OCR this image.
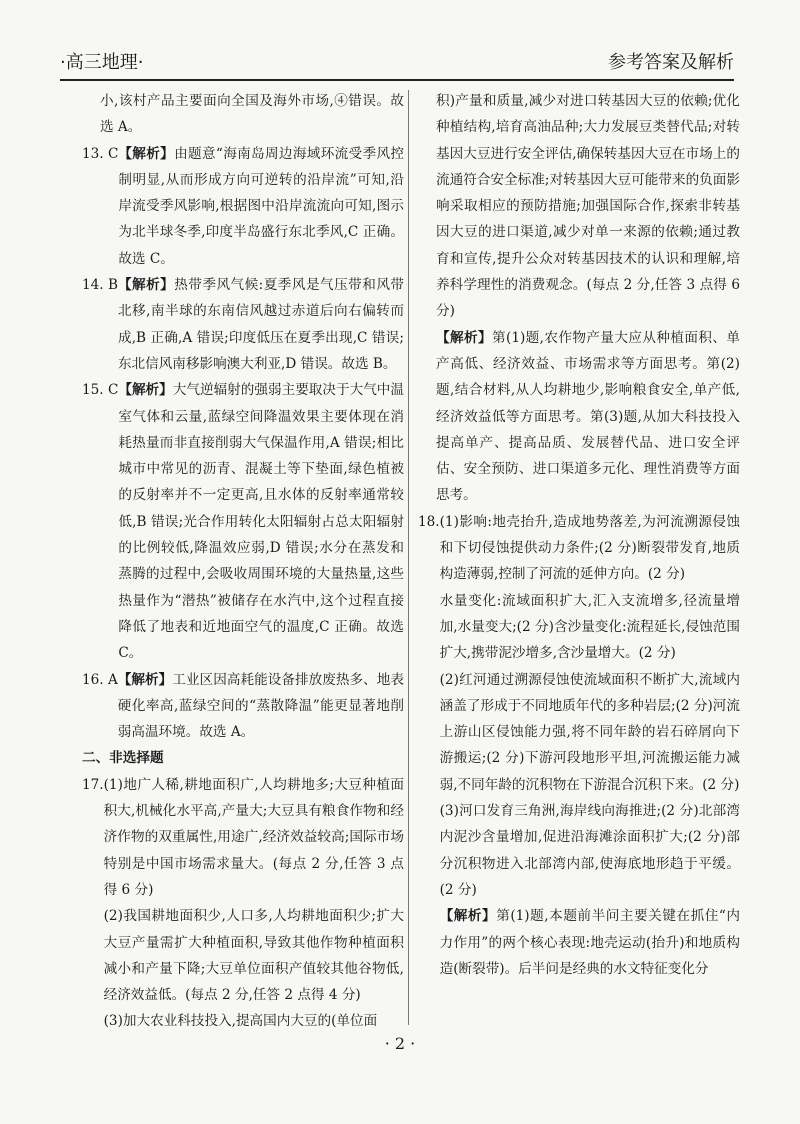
·高三地理·	参考答案及解析

小,该村产品主要面向全国及海外市场,④错误。故选 A。

13. C 【解析】由题意“海南岛周边海域环流受季风控制明显,从而形成方向可逆转的沿岸流”可知,沿岸流受季风影响,根据图中沿岸流流向可知,图示为北半球冬季,印度半岛盛行东北季风,C 正确。故选 C。
14. B 【解析】热带季风气候:夏季风是气压带和风带北移,南半球的东南信风越过赤道后向右偏转而成,B 正确,A 错误;印度低压在夏季出现,C 错误;东北信风南移影响澳大利亚,D 错误。故选 B。
15. C 【解析】大气逆辐射的强弱主要取决于大气中温室气体和云量,蓝绿空间降温效果主要体现在消耗热量而非直接削弱大气保温作用,A 错误;相比城市中常见的沥青、混凝土等下垫面,绿色植被的反射率并不一定更高,且水体的反射率通常较低,B 错误;光合作用转化太阳辐射占总太阳辐射的比例较低,降温效应弱,D 错误;水分在蒸发和蒸腾的过程中,会吸收周围环境的大量热量,这些热量作为“潜热”被储存在水汽中,这个过程直接降低了地表和近地面空气的温度,C 正确。故选 C。
16. A 【解析】工业区因高耗能设备排放废热多、地表硬化率高,蓝绿空间的“蒸散降温”能更显著地削弱高温环境。故选 A。

二、非选择题

17. (1)地广人稀,耕地面积广,人均耕地多;大豆种植面积大,机械化水平高,产量大;大豆具有粮食作物和经济作物的双重属性,用途广,经济效益较高;国际市场特别是中国市场需求量大。(每点 2 分,任答 3 点得 6 分)

(2)我国耕地面积少,人口多,人均耕地面积少;扩大大豆产量需扩大种植面积,导致其他作物种植面积减小和产量下降;大豆单位面积产值较其他谷物低,经济效益低。(每点 2 分,任答 2 点得 4 分)

(3)加大农业科技投入,提高国内大豆的(单位面

积)产量和质量,减少对进口转基因大豆的依赖;优化种植结构,培育高油品种;大力发展豆类替代品;对转基因大豆进行安全评估,确保转基因大豆在市场上的流通符合安全标准;对转基因大豆可能带来的负面影响采取相应的预防措施;加强国际合作,探索非转基因大豆的进口渠道,减少对单一来源的依赖;通过教育和宣传,提升公众对转基因技术的认识和理解,培养科学理性的消费观念。(每点 2 分,任答 3 点得 6 分)

【解析】第(1)题,农作物产量大应从种植面积、单产高低、经济效益、市场需求等方面思考。第(2)题,结合材料,从人均耕地少,影响粮食安全,单产低,经济效益低等方面思考。第(3)题,从加大科技投入提高单产、提高品质、发展替代品、进口安全评估、安全预防、进口渠道多元化、理性消费等方面思考。

18. (1)影响:地壳抬升,造成地势落差,为河流溯源侵蚀和下切侵蚀提供动力条件;(2 分)断裂带发育,地质构造薄弱,控制了河流的延伸方向。(2 分)

水量变化:流域面积扩大,汇入支流增多,径流量增加,水量变大;(2 分)含沙量变化:流程延长,侵蚀范围扩大,携带泥沙增多,含沙量增大。(2 分)

(2)红河通过溯源侵蚀使流域面积不断扩大,流域内涵盖了形成于不同地质年代的多种岩层;(2 分)河流上游山区侵蚀能力强,将不同年龄的岩石碎屑向下游搬运;(2 分)下游河段地形平坦,河流搬运能力减弱,不同年龄的沉积物在下游混合沉积下来。(2 分)

(3)河口发育三角洲,海岸线向海推进;(2 分)北部湾内泥沙含量增加,促进沿海滩涂面积扩大;(2 分)部分沉积物进入北部湾内部,使海底地形趋于平缓。(2 分)

【解析】第(1)题,本题前半问主要关键在抓住“内力作用”的两个核心表现:地壳运动(抬升)和地质构造(断裂带)。后半问是经典的水文特征变化分

· 2 ·
